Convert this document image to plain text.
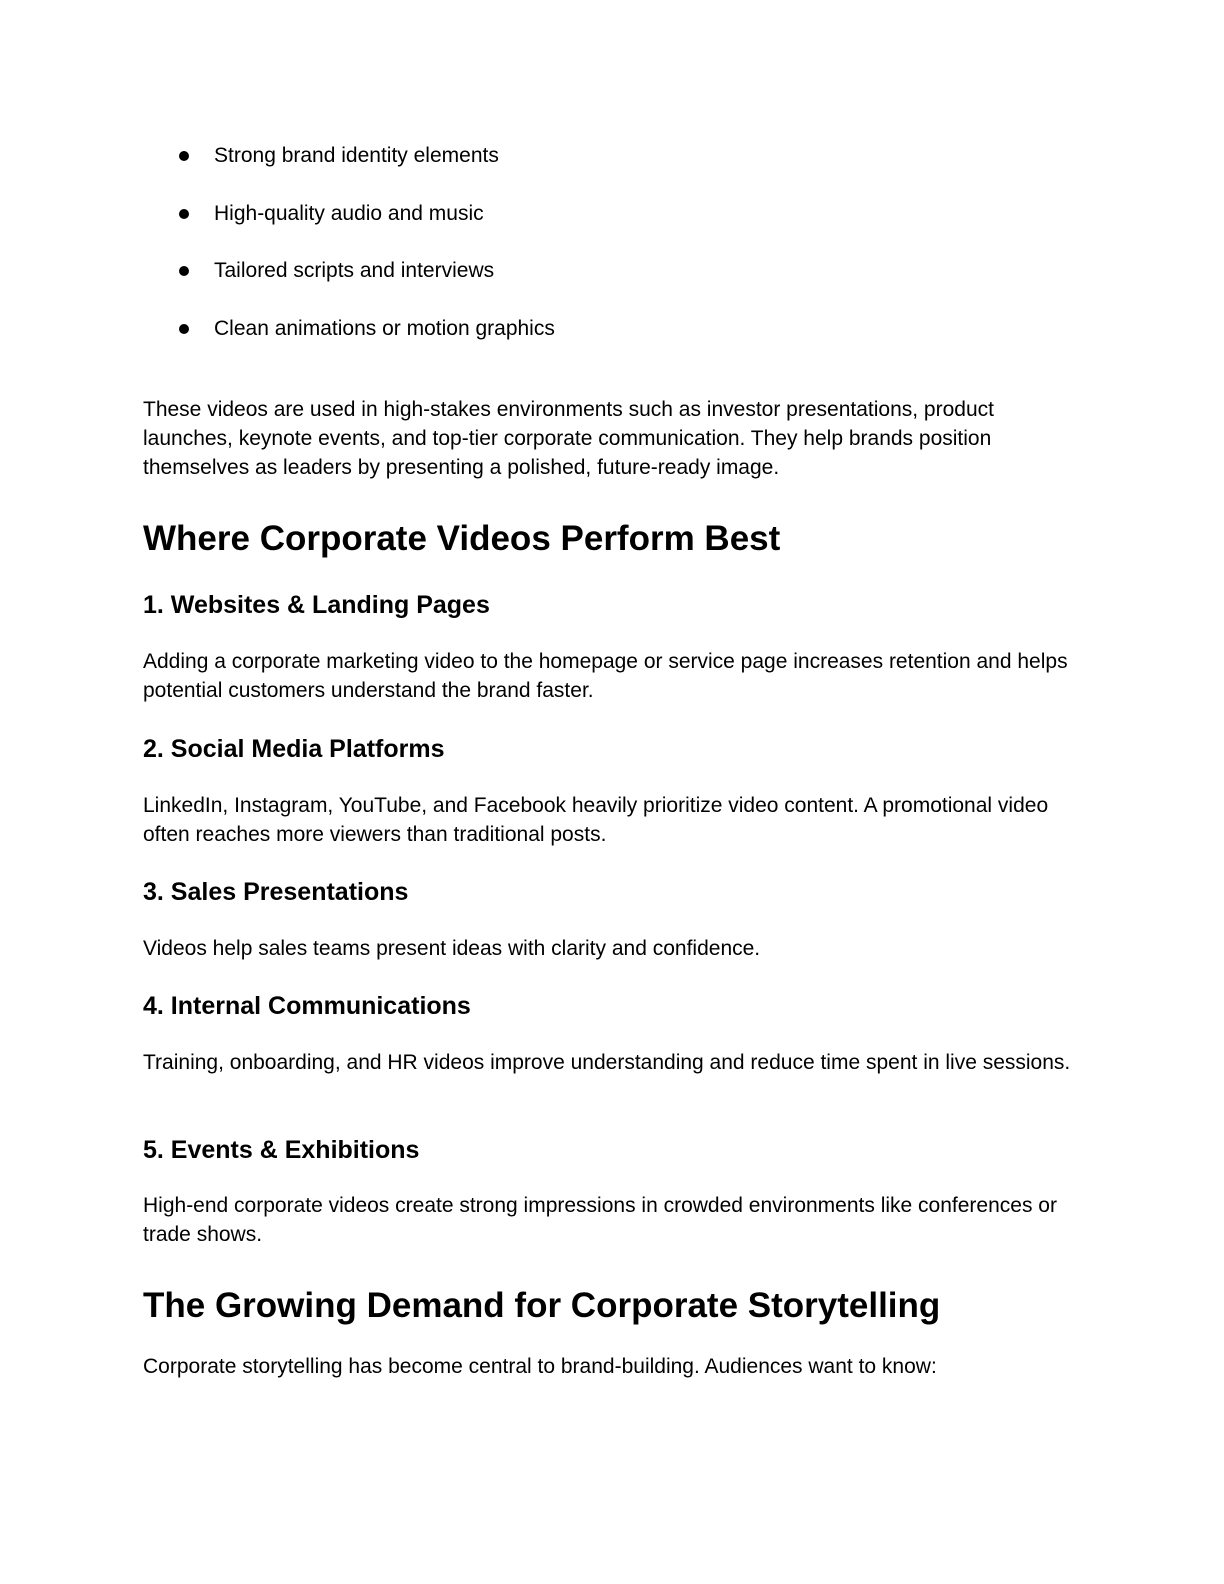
Strong brand identity elements
High-quality audio and music
Tailored scripts and interviews
Clean animations or motion graphics

These videos are used in high-stakes environments such as investor presentations, product launches, keynote events, and top-tier corporate communication. They help brands position themselves as leaders by presenting a polished, future-ready image.

Where Corporate Videos Perform Best
1. Websites & Landing Pages

Adding a corporate marketing video to the homepage or service page increases retention and helps potential customers understand the brand faster.

2. Social Media Platforms

LinkedIn, Instagram, YouTube, and Facebook heavily prioritize video content. A promotional video often reaches more viewers than traditional posts.

3. Sales Presentations

Videos help sales teams present ideas with clarity and confidence.

4. Internal Communications

Training, onboarding, and HR videos improve understanding and reduce time spent in live sessions.

5. Events & Exhibitions

High-end corporate videos create strong impressions in crowded environments like conferences or trade shows.

The Growing Demand for Corporate Storytelling

Corporate storytelling has become central to brand-building. Audiences want to know:
